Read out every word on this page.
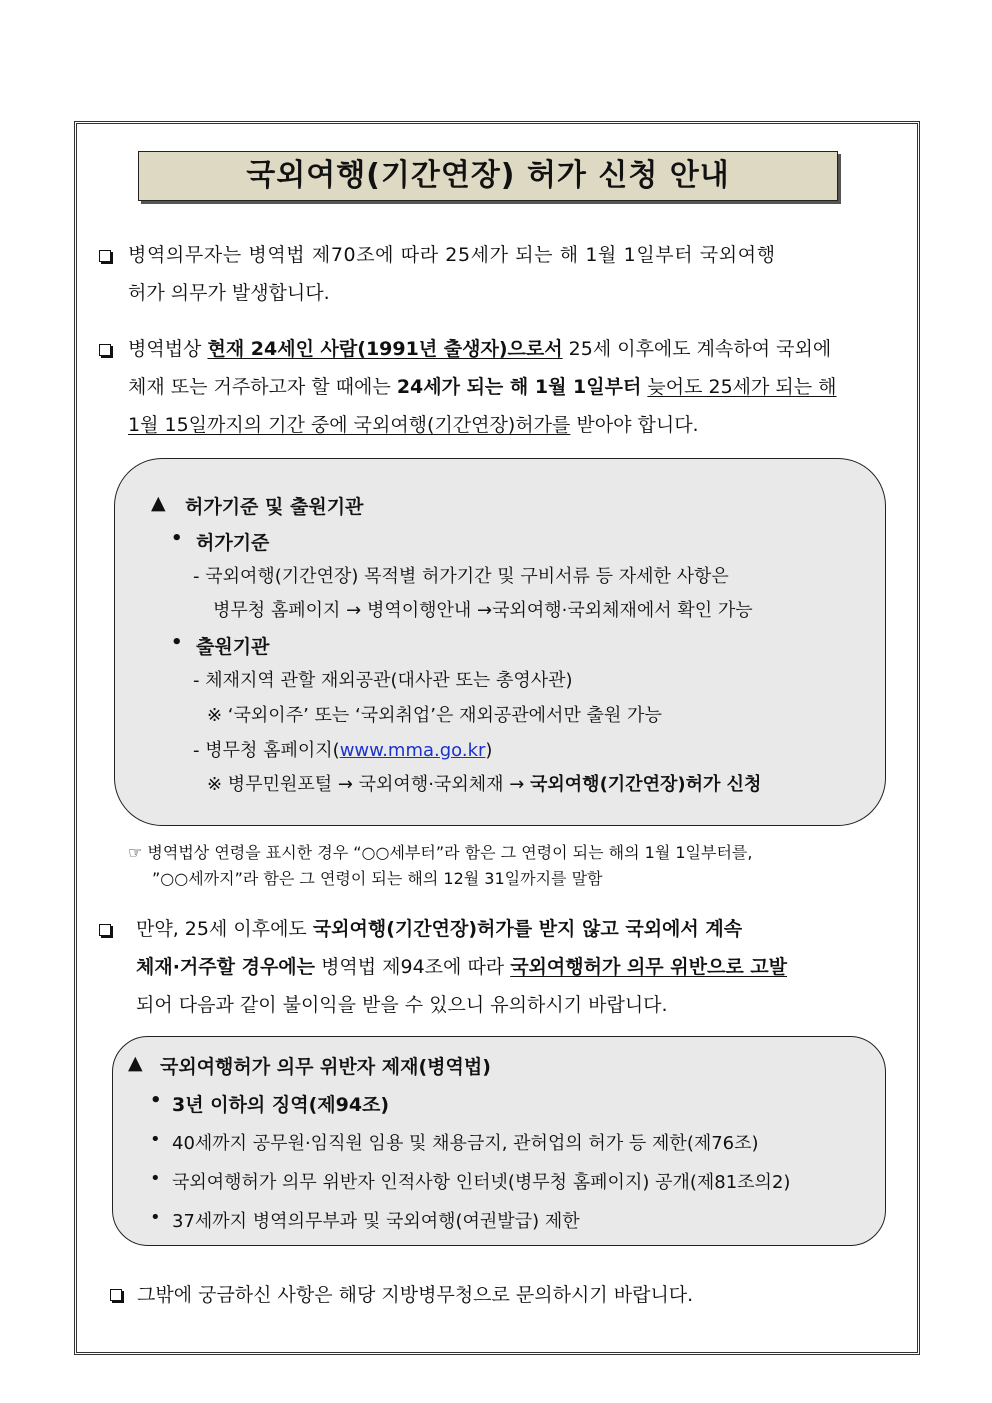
국외여행(기간연장) 허가 신청 안내
병역의무자는 병역법 제70조에 따라 25세가 되는 해 1월 1일부터 국외여행
허가 의무가 발생합니다.
병역법상 현재 24세인 사람(1991년 출생자)으로서 25세 이후에도 계속하여 국외에
체재 또는 거주하고자 할 때에는 24세가 되는 해 1월 1일부터 늦어도 25세가 되는 해
1월 15일까지의 기간 중에 국외여행(기간연장)허가를 받아야 합니다.
▲ 허가기준 및 출원기관
• 허가기준
- 국외여행(기간연장) 목적별 허가기간 및 구비서류 등 자세한 사항은
병무청 홈페이지 → 병역이행안내 →국외여행·국외체재에서 확인 가능
• 출원기관
- 체재지역 관할 재외공관(대사관 또는 총영사관)
※ ‘국외이주’ 또는 ‘국외취업’은 재외공관에서만 출원 가능
- 병무청 홈페이지(www.mma.go.kr)
※ 병무민원포털 → 국외여행·국외체재 → 국외여행(기간연장)허가 신청
☞ 병역법상 연령을 표시한 경우 “○○세부터”라 함은 그 연령이 되는 해의 1월 1일부터를,
”○○세까지”라 함은 그 연령이 되는 해의 12월 31일까지를 말함
만약, 25세 이후에도 국외여행(기간연장)허가를 받지 않고 국외에서 계속
체재·거주할 경우에는 병역법 제94조에 따라 국외여행허가 의무 위반으로 고발
되어 다음과 같이 불이익을 받을 수 있으니 유의하시기 바랍니다.
▲ 국외여행허가 의무 위반자 제재(병역법)
• 3년 이하의 징역(제94조)
• 40세까지 공무원·임직원 임용 및 채용금지, 관허업의 허가 등 제한(제76조)
• 국외여행허가 의무 위반자 인적사항 인터넷(병무청 홈페이지) 공개(제81조의2)
• 37세까지 병역의무부과 및 국외여행(여권발급) 제한
그밖에 궁금하신 사항은 해당 지방병무청으로 문의하시기 바랍니다.
